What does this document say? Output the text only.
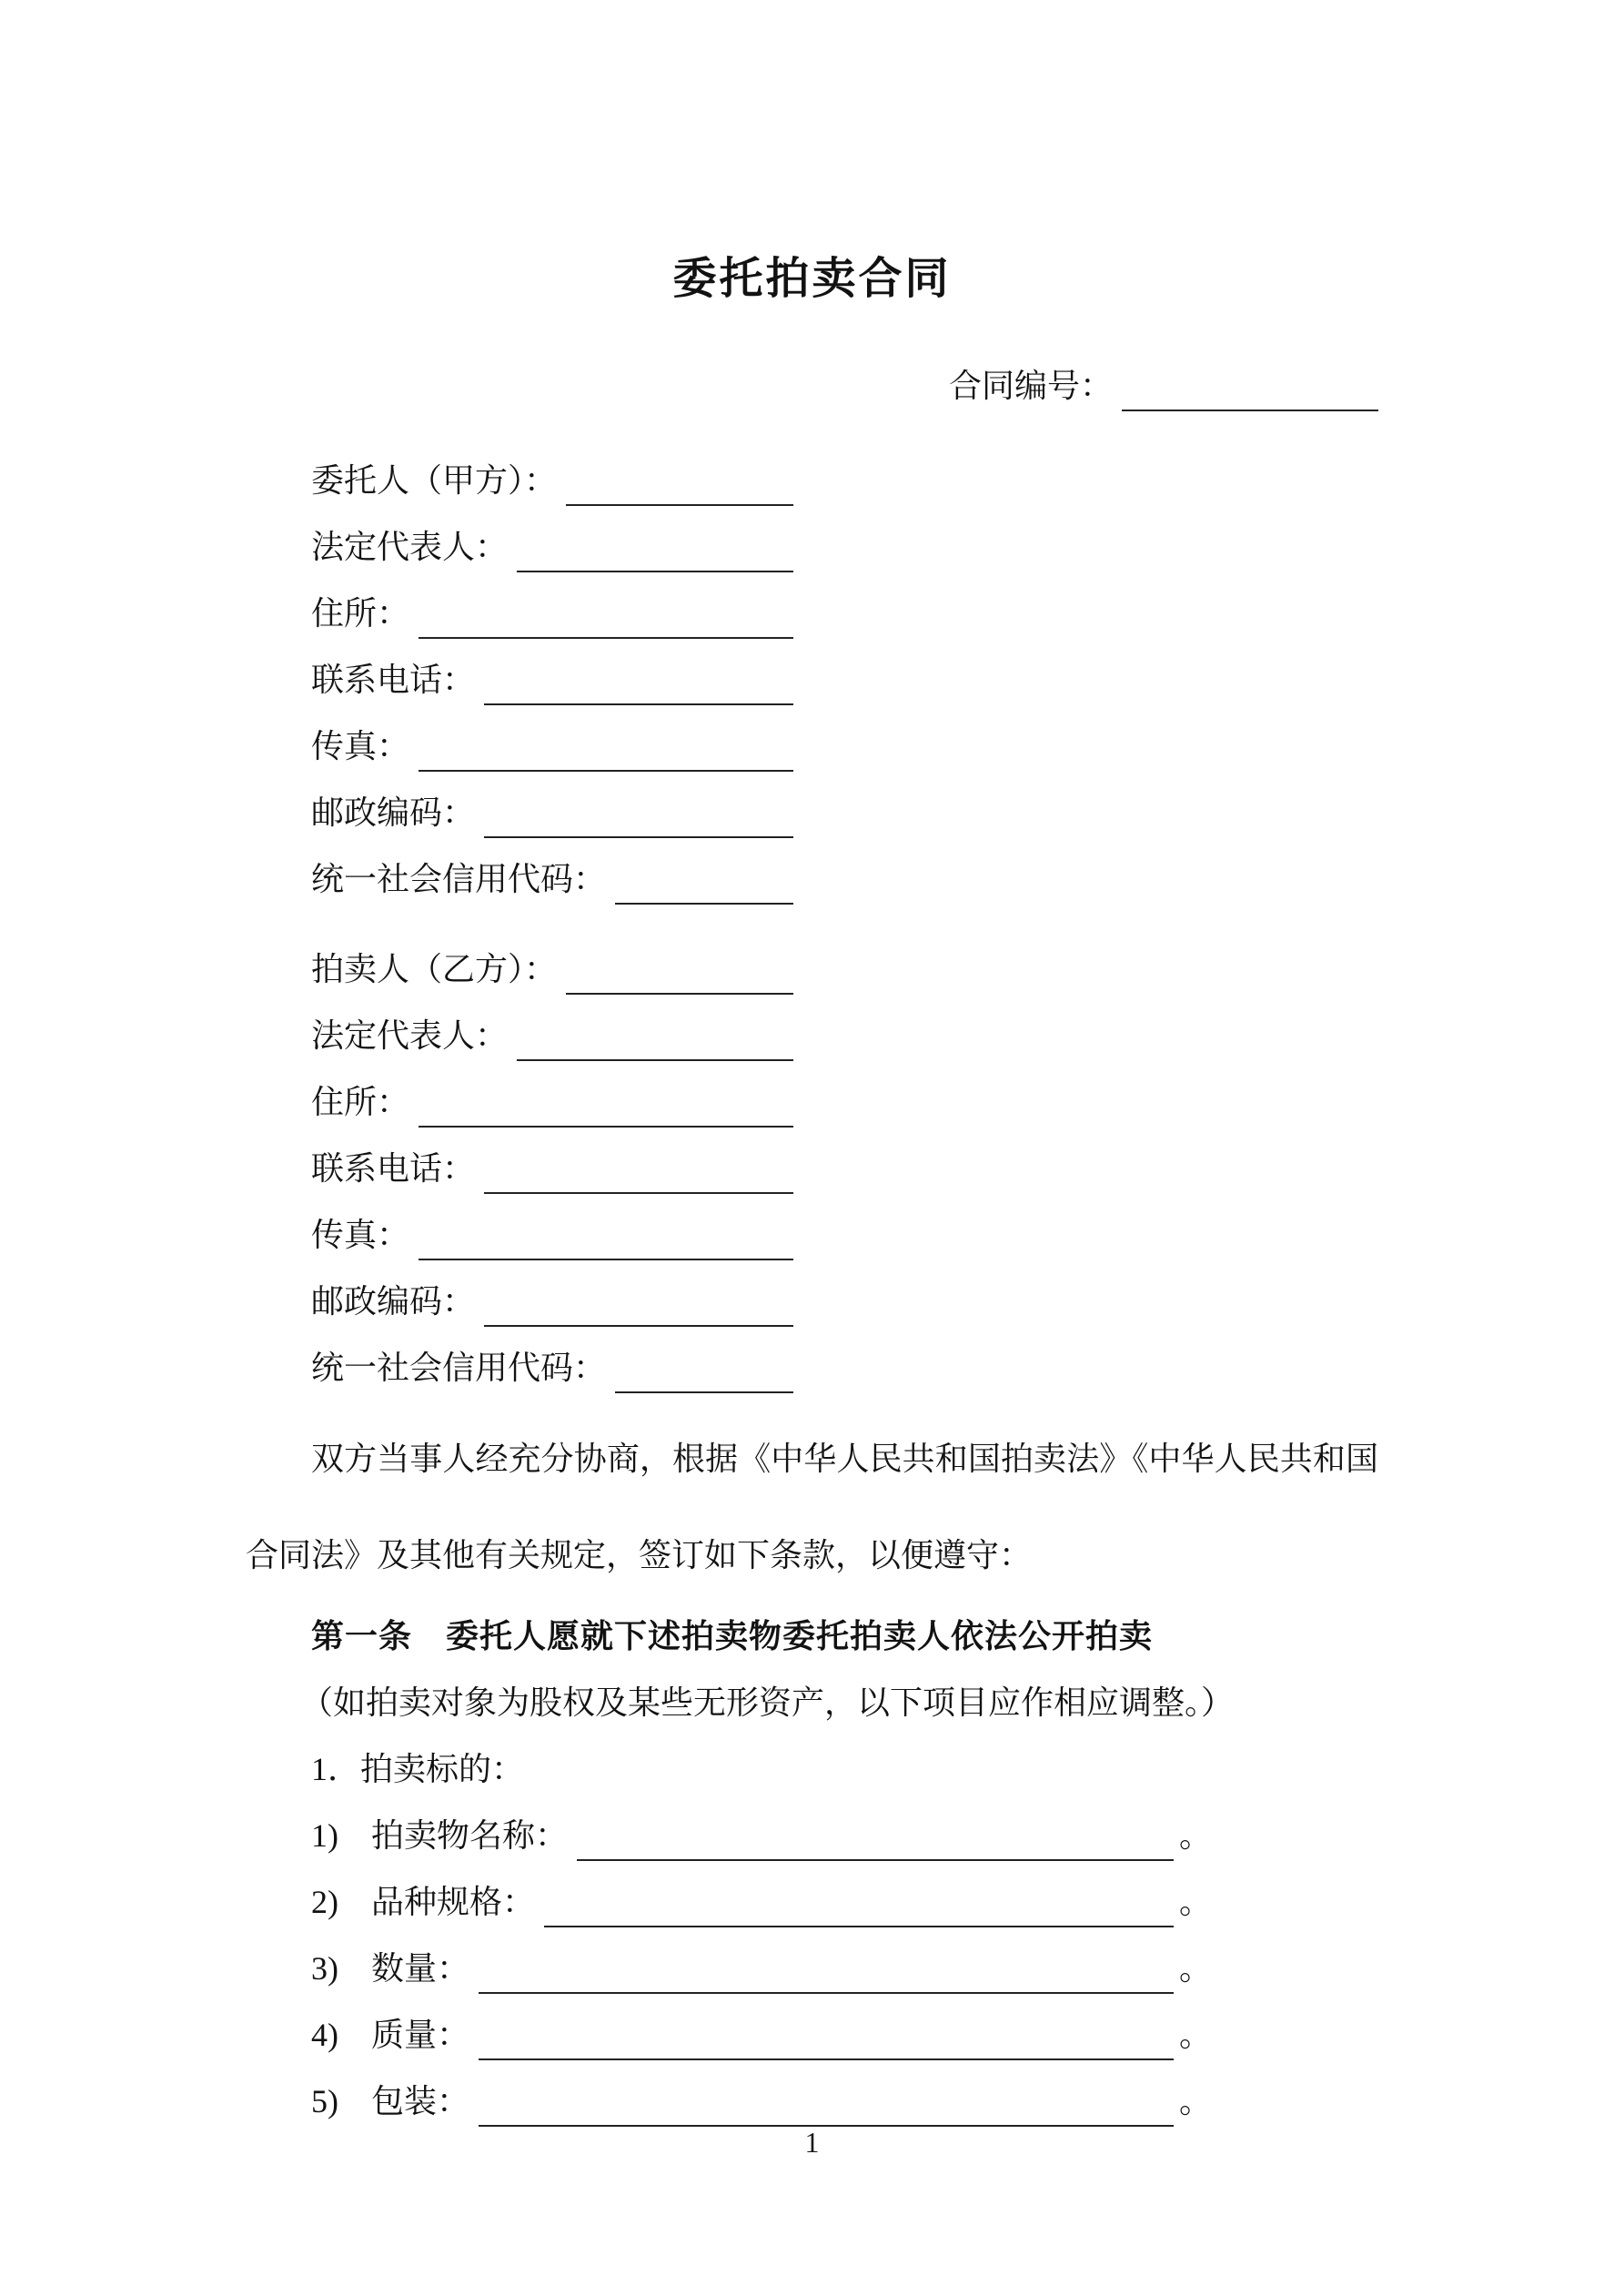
委托拍卖合同
合同编号：
委托人（甲方）：
法定代表人：
住所：
联系电话：
传真：
邮政编码：
统一社会信用代码：
拍卖人（乙方）：
法定代表人：
住所：
联系电话：
传真：
邮政编码：
统一社会信用代码：
双方当事人经充分协商，根据《中华人民共和国拍卖法》《中华人民共和国
合同法》及其他有关规定，签订如下条款，以便遵守：
第一条　委托人愿就下述拍卖物委托拍卖人依法公开拍卖
（如拍卖对象为股权及某些无形资产，以下项目应作相应调整。）
1．拍卖标的：
1)	拍卖物名称：	。
2)	品种规格：	。
3)	数量：	。
4)	质量：	。
5)	包装：	。
1
